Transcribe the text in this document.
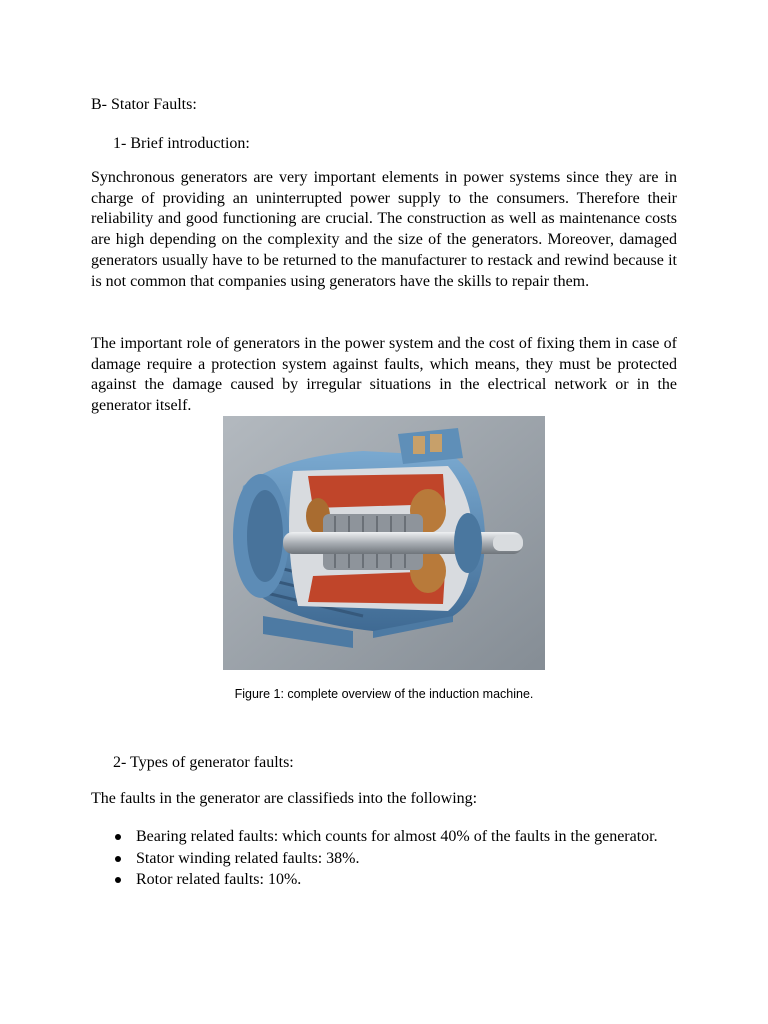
B- Stator Faults:
1- Brief introduction:

Synchronous generators are very important elements in power systems since they are in charge of providing an uninterrupted power supply to the consumers. Therefore their reliability and good functioning are crucial. The construction as well as maintenance costs are high depending on the complexity and the size of the generators. Moreover, damaged generators usually have to be returned to the manufacturer to restack and rewind because it is not common that companies using generators have the skills to repair them.

The important role of generators in the power system and the cost of fixing them in case of damage require a protection system against faults, which means, they must be protected against the damage caused by irregular situations in the electrical network or in the generator itself.

Figure 1: complete overview of the induction machine.
2- Types of generator faults:

The faults in the generator are classifieds into the following:

Bearing related faults: which counts for almost 40% of the faults in the generator.
Stator winding related faults: 38%.
Rotor related faults: 10%.
